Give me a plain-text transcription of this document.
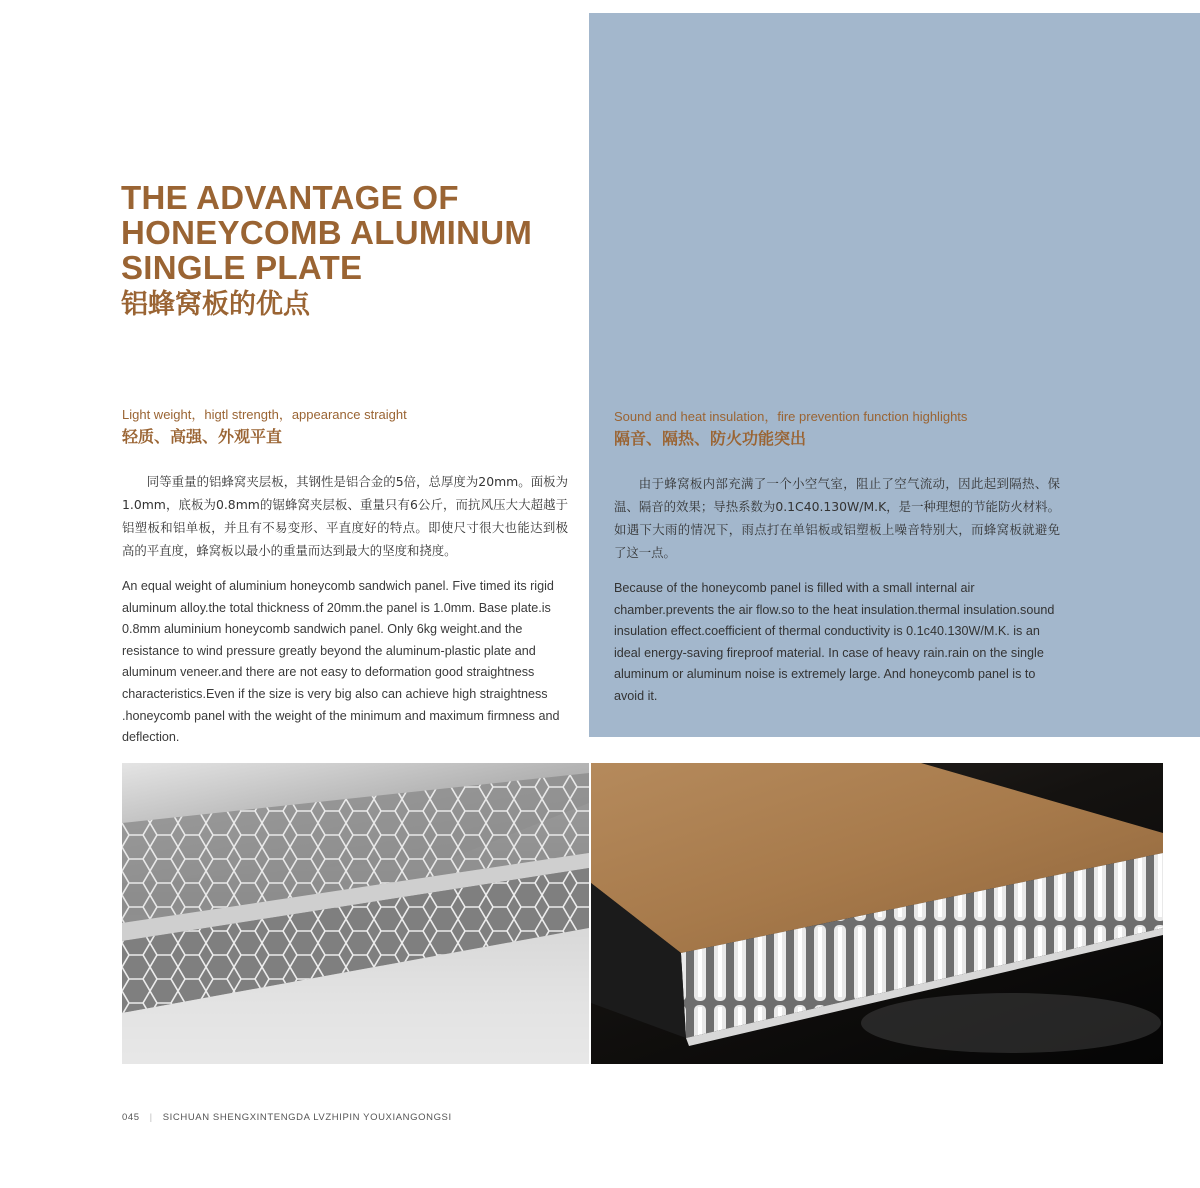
THE ADVANTAGE OF
HONEYCOMB ALUMINUM
SINGLE PLATE
铝蜂窝板的优点

Light weight，higtl strength，appearance straight

轻质、高强、外观平直

同等重量的铝蜂窝夹层板，其钢性是铝合金的5倍，总厚度为20mm。面板为1.0mm，底板为0.8mm的锯蜂窝夹层板、重量只有6公斤，而抗风压大大超越于铝塑板和铝单板，并且有不易变形、平直度好的特点。即使尺寸很大也能达到极高的平直度，蜂窝板以最小的重量而达到最大的坚度和挠度。

An equal weight of aluminium honeycomb sandwich panel. Five timed its rigid aluminum alloy.the total thickness of 20mm.the panel is 1.0mm. Base plate.is 0.8mm aluminium honeycomb sandwich panel. Only 6kg weight.and the resistance to wind pressure greatly beyond the aluminum-plastic plate and aluminum veneer.and there are not easy to deformation good straightness characteristics.Even if the size is very big also can achieve high straightness .honeycomb panel with the weight of the minimum and maximum firmness and deflection.

Sound and heat insulation，fire prevention function highlights

隔音、隔热、防火功能突出

由于蜂窝板内部充满了一个小空气室，阻止了空气流动，因此起到隔热、保温、隔音的效果；导热系数为0.1C40.130W/M.K，是一种理想的节能防火材料。如遇下大雨的情况下，雨点打在单铝板或铝塑板上噪音特别大，而蜂窝板就避免了这一点。

Because of the honeycomb panel is filled with a small internal air chamber.prevents the air flow.so to the heat insulation.thermal insulation.sound insulation effect.coefficient of thermal conductivity is 0.1c40.130W/M.K. is an ideal energy-saving fireproof material. In case of heavy rain.rain on the single aluminum or aluminum noise is extremely large. And honeycomb panel is to avoid it.

045 | SICHUAN SHENGXINTENGDA LVZHIPIN YOUXIANGONGSI
